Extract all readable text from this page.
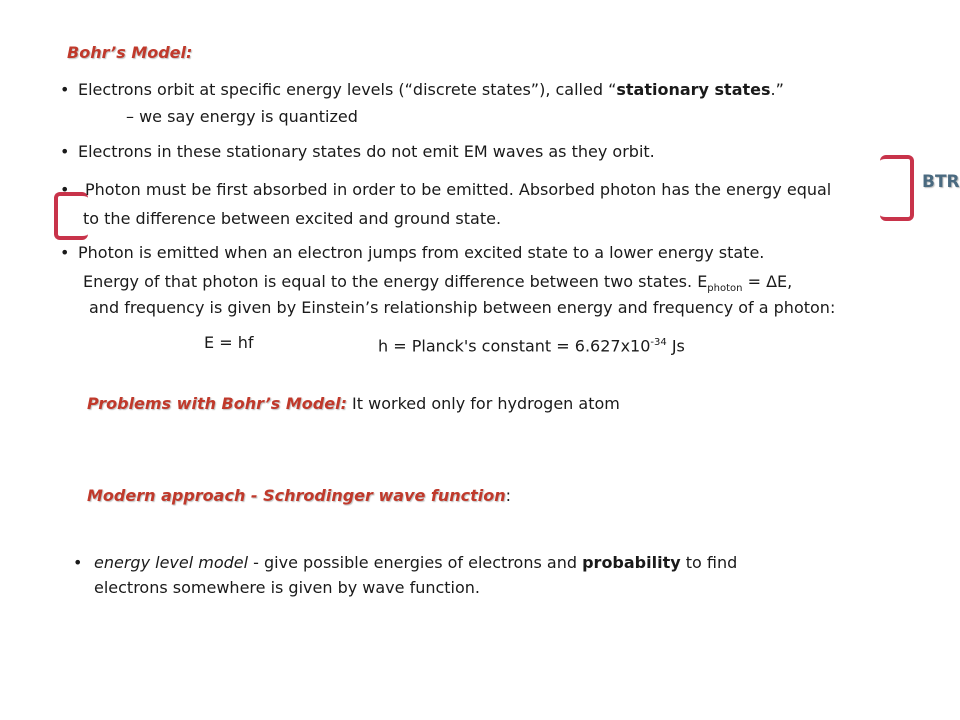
Bohr’s Model:
• Electrons orbit at specific energy levels (“discrete states”), called “stationary states.”
– we say energy is quantized
• Electrons in these stationary states do not emit EM waves as they orbit.
• Photon must be first absorbed in order to be emitted. Absorbed photon has the energy equal
to the difference between excited and ground state.
BTR
• Photon is emitted when an electron jumps from excited state to a lower energy state.
Energy of that photon is equal to the energy difference between two states. $E_{photon} = \Delta E$,
and frequency is given by Einstein’s relationship between energy and frequency of a photon:
E = hf	h = Planck's constant = $6.627x10^{-34}$ Js
Problems with Bohr’s Model: It worked only for hydrogen atom
Modern approach - Schrodinger wave function:
• energy level model - give possible energies of electrons and probability to find
electrons somewhere is given by wave function.
